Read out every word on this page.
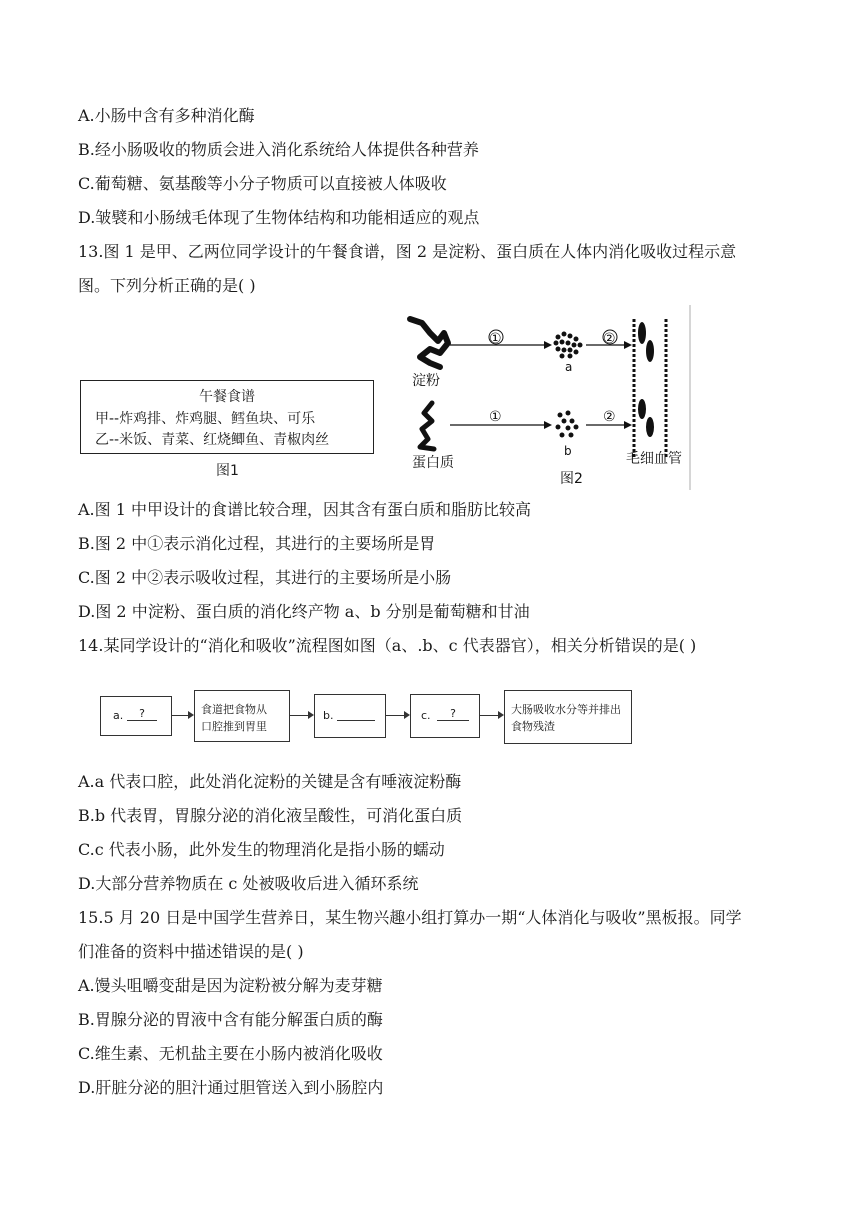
A.小肠中含有多种消化酶
B.经小肠吸收的物质会进入消化系统给人体提供各种营养
C.葡萄糖、氨基酸等小分子物质可以直接被人体吸收
D.皱襞和小肠绒毛体现了生物体结构和功能相适应的观点
13.图 1 是甲、乙两位同学设计的午餐食谱，图 2 是淀粉、蛋白质在人体内消化吸收过程示意
图。下列分析正确的是( )
午餐食谱
甲--炸鸡排、炸鸡腿、鳕鱼块、可乐
乙--米饭、青菜、红烧鲫鱼、青椒肉丝
图1
淀粉
蛋白质
①
①
a
b
②
②
毛细血管
图2
A.图 1 中甲设计的食谱比较合理，因其含有蛋白质和脂肪比较高
B.图 2 中①表示消化过程，其进行的主要场所是胃
C.图 2 中②表示吸收过程，其进行的主要场所是小肠
D.图 2 中淀粉、蛋白质的消化终产物 a、b 分别是葡萄糖和甘油
14.某同学设计的“消化和吸收”流程图如图（a、.b、c 代表器官），相关分析错误的是( )
a.	?	食道把食物从
口腔推到胃里
b.	c.	?	大肠吸收水分等并排出
食物残渣
A.a 代表口腔，此处消化淀粉的关键是含有唾液淀粉酶
B.b 代表胃，胃腺分泌的消化液呈酸性，可消化蛋白质
C.c 代表小肠，此外发生的物理消化是指小肠的蠕动
D.大部分营养物质在 c 处被吸收后进入循环系统
15.5 月 20 日是中国学生营养日，某生物兴趣小组打算办一期“人体消化与吸收”黑板报。同学
们准备的资料中描述错误的是( )
A.馒头咀嚼变甜是因为淀粉被分解为麦芽糖
B.胃腺分泌的胃液中含有能分解蛋白质的酶
C.维生素、无机盐主要在小肠内被消化吸收
D.肝脏分泌的胆汁通过胆管送入到小肠腔内
